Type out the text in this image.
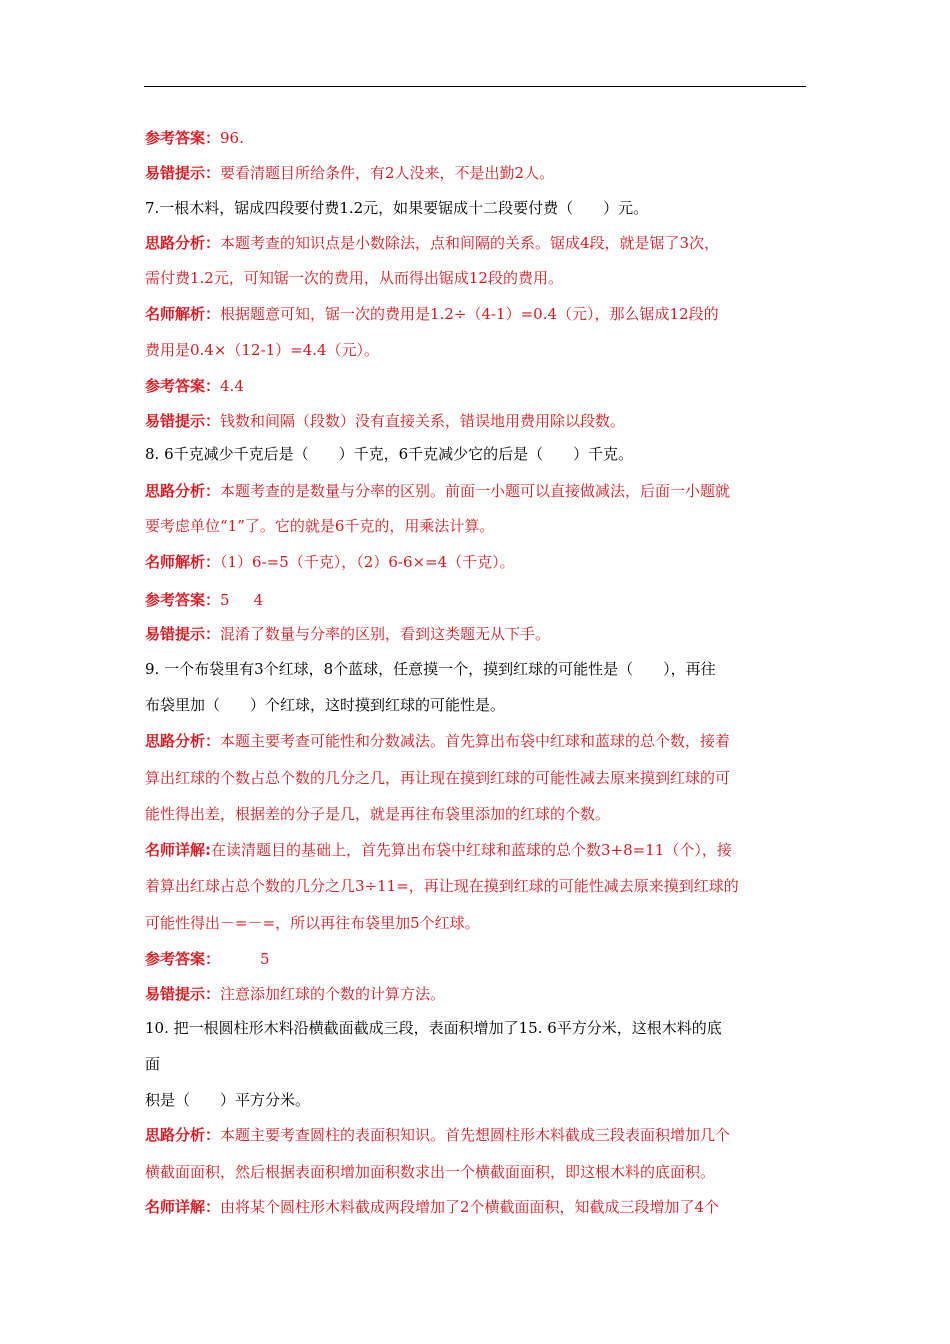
参考答案：96.
易错提示：要看清题目所给条件，有2人没来，不是出勤2人。
7.一根木料，锯成四段要付费1.2元，如果要锯成十二段要付费（　　）元。
思路分析：本题考查的知识点是小数除法，点和间隔的关系。锯成4段，就是锯了3次，
需付费1.2元，可知锯一次的费用，从而得出锯成12段的费用。
名师解析：根据题意可知，锯一次的费用是1.2÷（4-1）=0.4（元），那么锯成12段的
费用是0.4×（12-1）=4.4（元）。
参考答案：4.4
易错提示：钱数和间隔（段数）没有直接关系，错误地用费用除以段数。
8. 6千克减少千克后是（　　）千克，6千克减少它的后是（　　）千克。
思路分析：本题考查的是数量与分率的区别。前面一小题可以直接做减法，后面一小题就
要考虑单位“1”了。它的就是6千克的，用乘法计算。
名师解析：（1）6-=5（千克），（2）6-6×=4（千克）。
参考答案：5 4
易错提示：混淆了数量与分率的区别，看到这类题无从下手。
9. 一个布袋里有3个红球，8个蓝球，任意摸一个，摸到红球的可能性是（　　），再往
布袋里加（　　）个红球，这时摸到红球的可能性是。
思路分析：本题主要考查可能性和分数减法。首先算出布袋中红球和蓝球的总个数，接着
算出红球的个数占总个数的几分之几，再让现在摸到红球的可能性减去原来摸到红球的可
能性得出差，根据差的分子是几，就是再往布袋里添加的红球的个数。
名师详解:在读清题目的基础上，首先算出布袋中红球和蓝球的总个数3+8=11（个），接
着算出红球占总个数的几分之几3÷11=，再让现在摸到红球的可能性减去原来摸到红球的
可能性得出－=－=，所以再往布袋里加5个红球。
参考答案：	5
易错提示：注意添加红球的个数的计算方法。
10. 把一根圆柱形木料沿横截面截成三段，表面积增加了15. 6平方分米，这根木料的底
面
积是（　　）平方分米。
思路分析：本题主要考查圆柱的表面积知识。首先想圆柱形木料截成三段表面积增加几个
横截面面积，然后根据表面积增加面积数求出一个横截面面积，即这根木料的底面积。
名师详解：由将某个圆柱形木料截成两段增加了2个横截面面积，知截成三段增加了4个
